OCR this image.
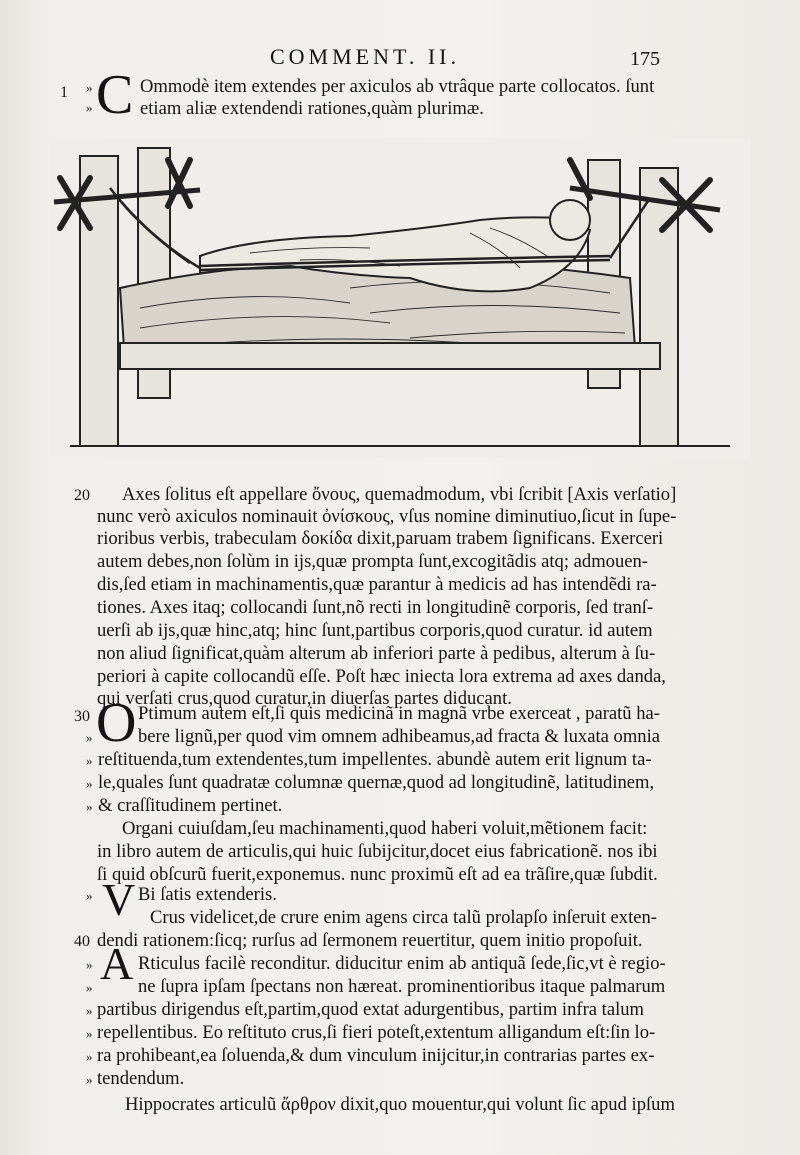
COMMENT. II.	175
1 »
» C Ommodè item extendes per axiculos ab vtrâque parte collocatos. ſunt
etiam aliæ extendendi rationes,quàm plurimæ.
20 Axes ſolitus eſt appellare ὄνους, quemadmodum, vbi ſcribit [Axis verſatio]
nunc verò axiculos nominauit ὀνίσκους, vſus nomine diminutiuo,ſicut in ſupe-
rioribus verbis, trabeculam δοκίδα dixit,paruam trabem ſignificans. Exerceri
autem debes,non ſolùm in ijs,quæ prompta ſunt,excogitãdis atq; admouen-
dis,ſed etiam in machinamentis,quæ parantur à medicis ad has intendẽdi ra-
tiones. Axes itaq; collocandi ſunt,nõ recti in longitudinẽ corporis, ſed tranſ-
uerſi ab ijs,quæ hinc,atq; hinc ſunt,partibus corporis,quod curatur. id autem
non aliud ſignificat,quàm alterum ab inferiori parte à pedibus, alterum à ſu-
periori à capite collocandũ eſſe. Poſt hæc iniecta lora extrema ad axes danda,
qui verſati crus,quod curatur,in diuerſas partes diducant.
30 O
»
»
»
»
Ptimum autem eſt,ſi quis medicinã in magnã vrbe exerceat , paratũ ha-
bere lignũ,per quod vim omnem adhibeamus,ad fracta & luxata omnia
reſtituenda,tum extendentes,tum impellentes. abundè autem erit lignum ta-
le,quales ſunt quadratæ columnæ quernæ,quod ad longitudinẽ, latitudinem,
& craſſitudinem pertinet.
Organi cuiuſdam,ſeu machinamenti,quod haberi voluit,mẽtionem facit:
in libro autem de articulis,qui huic ſubijcitur,docet eius fabricationẽ. nos ibi
ſi quid obſcurũ fuerit,exponemus. nunc proximũ eſt ad ea trãſire,quæ ſubdit.
» V Bi ſatis extenderis.
Crus videlicet,de crure enim agens circa talũ prolapſo inſeruit exten-
40 dendi rationem:ſicq; rurſus ad ſermonem reuertitur, quem initio propoſuit.
»
»
»
»
»
»
A Rticulus facilè reconditur. diducitur enim ab antiquã ſede,ſic,vt è regio-
ne ſupra ipſam ſpectans non hæreat. prominentioribus itaque palmarum
partibus dirigendus eſt,partim,quod extat adurgentibus, partim infra talum
repellentibus. Eo reſtituto crus,ſi fieri poteſt,extentum alligandum eſt:ſin lo-
ra prohibeant,ea ſoluenda,& dum vinculum inijcitur,in contrarias partes ex-
tendendum.
Hippocrates articulũ ἄρθρον dixit,quo mouentur,qui volunt ſic apud ipſum
